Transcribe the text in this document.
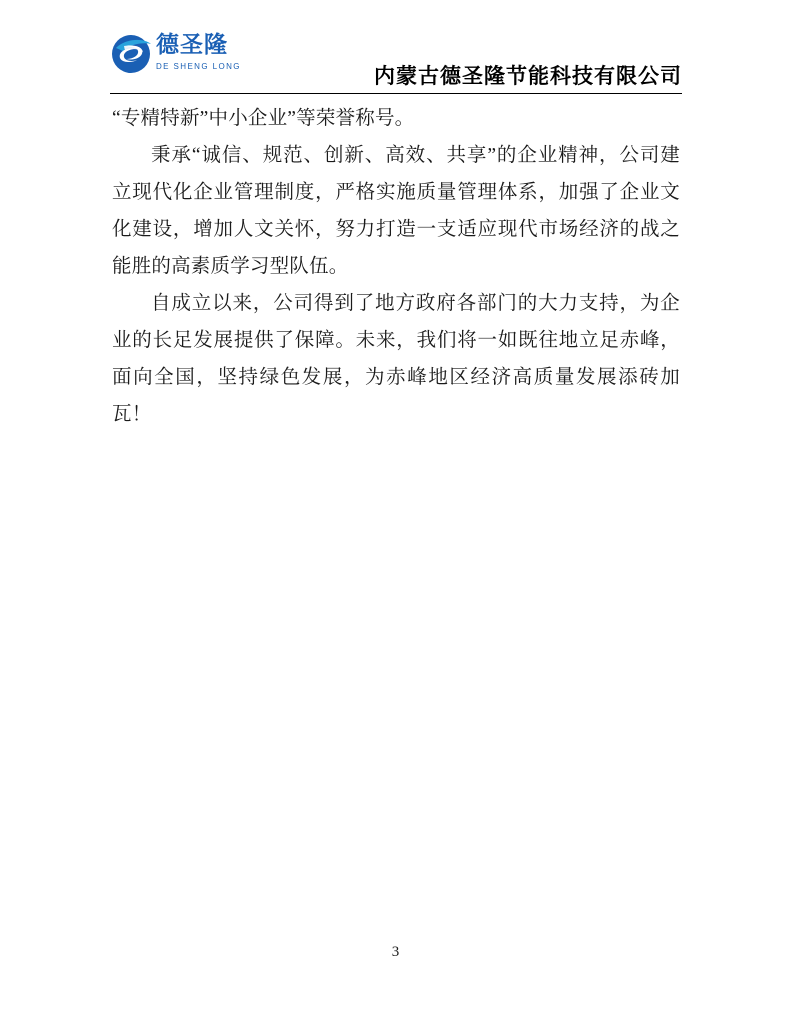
德圣隆
DE SHENG LONG	内蒙古德圣隆节能科技有限公司

“专精特新”中小企业”等荣誉称号。

秉承“诚信、规范、创新、高效、共享”的企业精神，公司建立现代化企业管理制度，严格实施质量管理体系，加强了企业文化建设，增加人文关怀，努力打造一支适应现代市场经济的战之能胜的高素质学习型队伍。

自成立以来，公司得到了地方政府各部门的大力支持，为企业的长足发展提供了保障。未来，我们将一如既往地立足赤峰，面向全国，坚持绿色发展，为赤峰地区经济高质量发展添砖加瓦！

3
